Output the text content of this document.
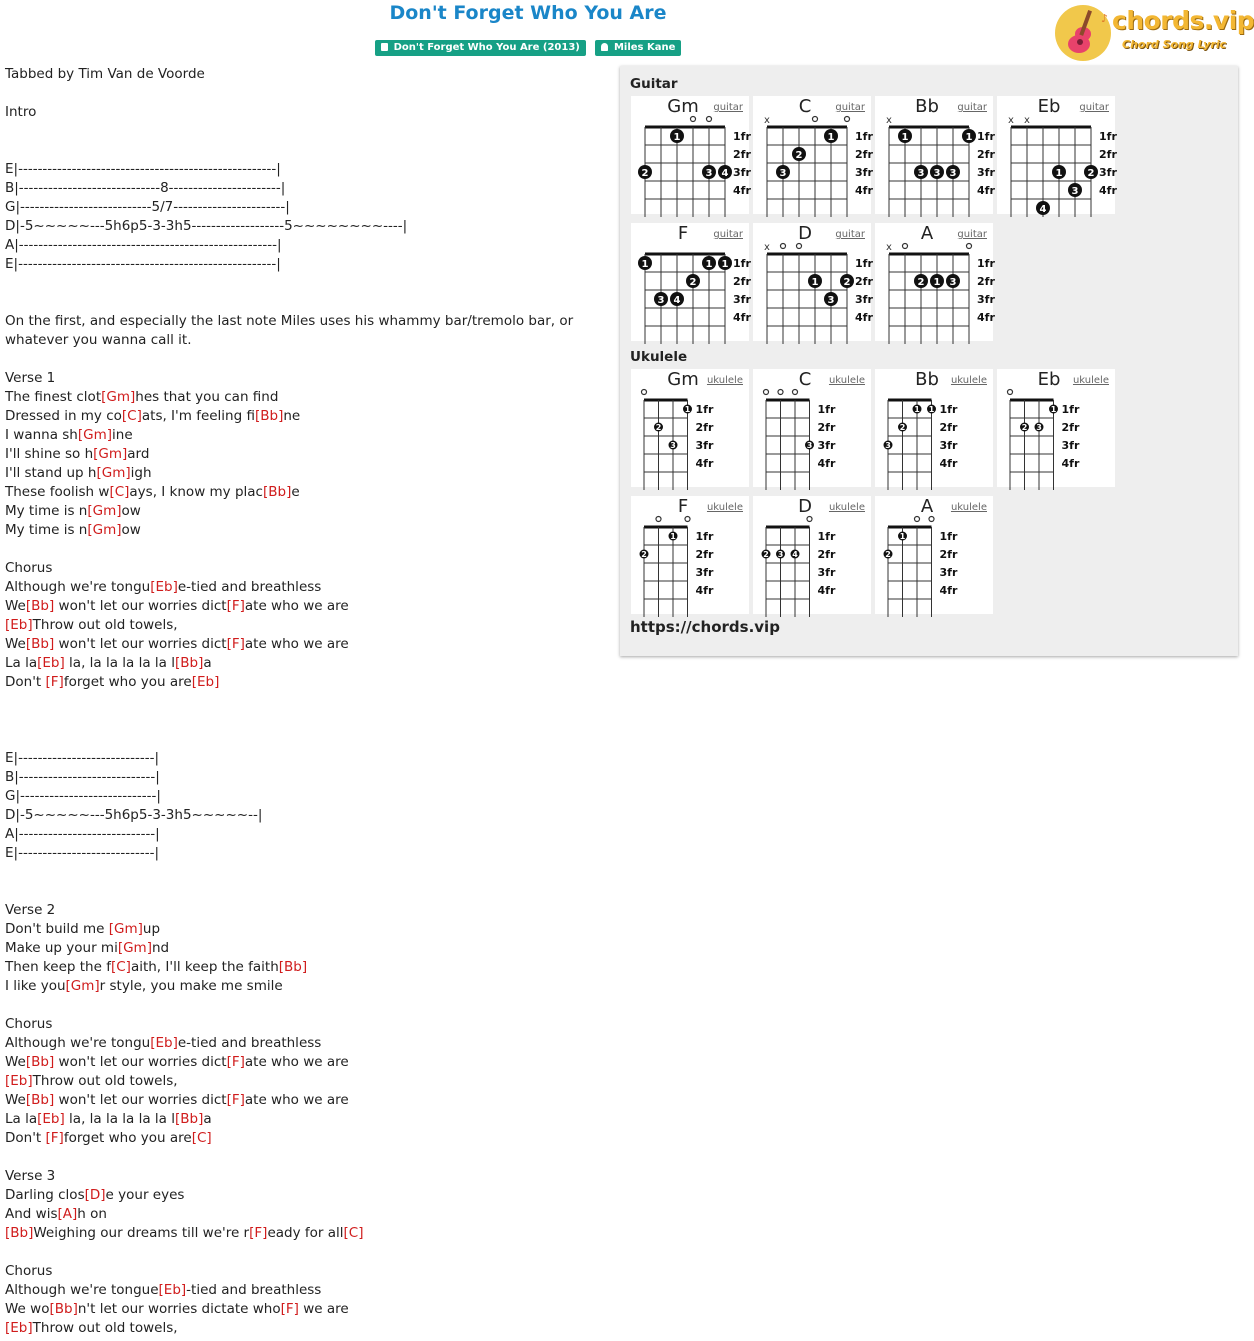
Don't Forget Who You Are
Don't Forget Who You Are (2013)	Miles Kane
♪ chords.vip
Chord Song Lyric
Tabbed by Tim Van de Voorde
Intro
E|-----------------------------------------------------|
B|-----------------------------8-----------------------|
G|---------------------------5/7-----------------------|
D|-5~~~~~---5h6p5-3-3h5-------------------5~~~~~~~~----|
A|-----------------------------------------------------|
E|-----------------------------------------------------|
On the first, and especially the last note Miles uses his whammy bar/tremolo bar, or
whatever you wanna call it.
Verse 1
The finest clot[Gm]hes that you can find
Dressed in my co[C]ats, I'm feeling fi[Bb]ne
I wanna sh[Gm]ine
I'll shine so h[Gm]ard
I'll stand up h[Gm]igh
These foolish w[C]ays, I know my plac[Bb]e
My time is n[Gm]ow
My time is n[Gm]ow
Chorus
Although we're tongu[Eb]e-tied and breathless
We[Bb] won't let our worries dict[F]ate who we are
[Eb]Throw out old towels,
We[Bb] won't let our worries dict[F]ate who we are
La la[Eb] la, la la la la la l[Bb]a
Don't [F]forget who you are[Eb]
E|----------------------------|
B|----------------------------|
G|----------------------------|
D|-5~~~~~---5h6p5-3-3h5~~~~~--|
A|----------------------------|
E|----------------------------|
Verse 2
Don't build me [Gm]up
Make up your mi[Gm]nd
Then keep the f[C]aith, I'll keep the faith[Bb]
I like you[Gm]r style, you make me smile
Chorus
Although we're tongu[Eb]e-tied and breathless
We[Bb] won't let our worries dict[F]ate who we are
[Eb]Throw out old towels,
We[Bb] won't let our worries dict[F]ate who we are
La la[Eb] la, la la la la la l[Bb]a
Don't [F]forget who you are[C]
Verse 3
Darling clos[D]e your eyes
And wis[A]h on
[Bb]Weighing our dreams till we're r[F]eady for all[C]
Chorus
Although we're tongue[Eb]-tied and breathless
We wo[Bb]n't let our worries dictate who[F] we are
[Eb]Throw out old towels,
Guitar
Gm	guitar
1fr
2fr
3fr
4fr
1
2	3 4
C	guitar
1fr
2fr
3fr
4fr
x
1
2
3
Bb	guitar
1fr
2fr
3fr
4fr
x
1	1
3 3 3
Eb	guitar
1fr
2fr
3fr
4fr
x x
1	2
3
4
F	guitar
1fr
2fr
3fr
4fr
1	1 1
2
3 4
D	guitar
1fr
2fr
3fr
4fr
x
1	2
3
A	guitar
1fr
2fr
3fr
4fr
x
2 1 3
Ukulele
Gm ukulele
1fr
2fr
3fr
4fr
1
2
3
C	ukulele
1fr
2fr
3fr
4fr
3
Bb	ukulele
1fr
2fr
3fr
4fr
1 1
2
3
Eb	ukulele
1fr
2fr
3fr
4fr
1
2 3
F	ukulele
1fr
2fr
3fr
4fr
1
2
D	ukulele
1fr
2fr
3fr
4fr
2 3 4
A	ukulele
1fr
2fr
3fr
4fr
1
2
https://chords.vip
